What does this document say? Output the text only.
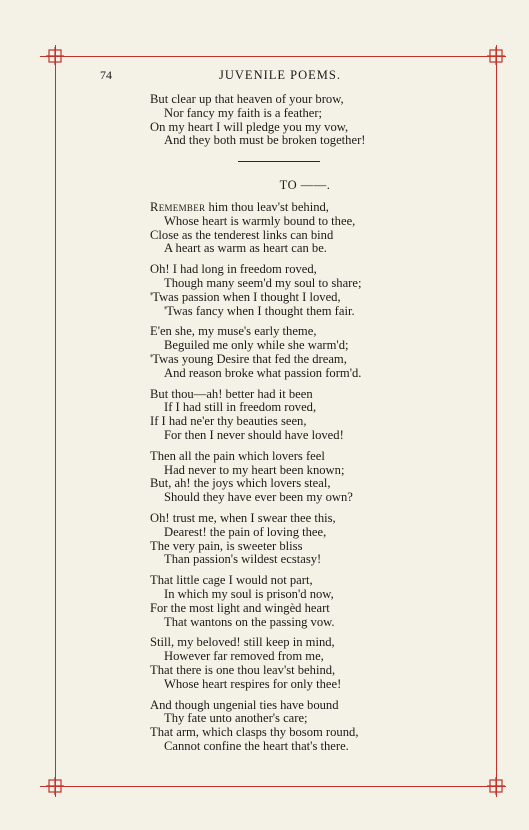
74	JUVENILE POEMS.
But clear up that heaven of your brow,
Nor fancy my faith is a feather;
On my heart I will pledge you my vow,
And they both must be broken together!
TO ——.
Remember him thou leav'st behind,
Whose heart is warmly bound to thee,
Close as the tenderest links can bind
A heart as warm as heart can be.
Oh! I had long in freedom roved,
Though many seem'd my soul to share;
'Twas passion when I thought I loved,
'Twas fancy when I thought them fair.
E'en she, my muse's early theme,
Beguiled me only while she warm'd;
'Twas young Desire that fed the dream,
And reason broke what passion form'd.
But thou—ah! better had it been
If I had still in freedom roved,
If I had ne'er thy beauties seen,
For then I never should have loved!
Then all the pain which lovers feel
Had never to my heart been known;
But, ah! the joys which lovers steal,
Should they have ever been my own?
Oh! trust me, when I swear thee this,
Dearest! the pain of loving thee,
The very pain, is sweeter bliss
Than passion's wildest ecstasy!
That little cage I would not part,
In which my soul is prison'd now,
For the most light and wingèd heart
That wantons on the passing vow.
Still, my beloved! still keep in mind,
However far removed from me,
That there is one thou leav'st behind,
Whose heart respires for only thee!
And though ungenial ties have bound
Thy fate unto another's care;
That arm, which clasps thy bosom round,
Cannot confine the heart that's there.
